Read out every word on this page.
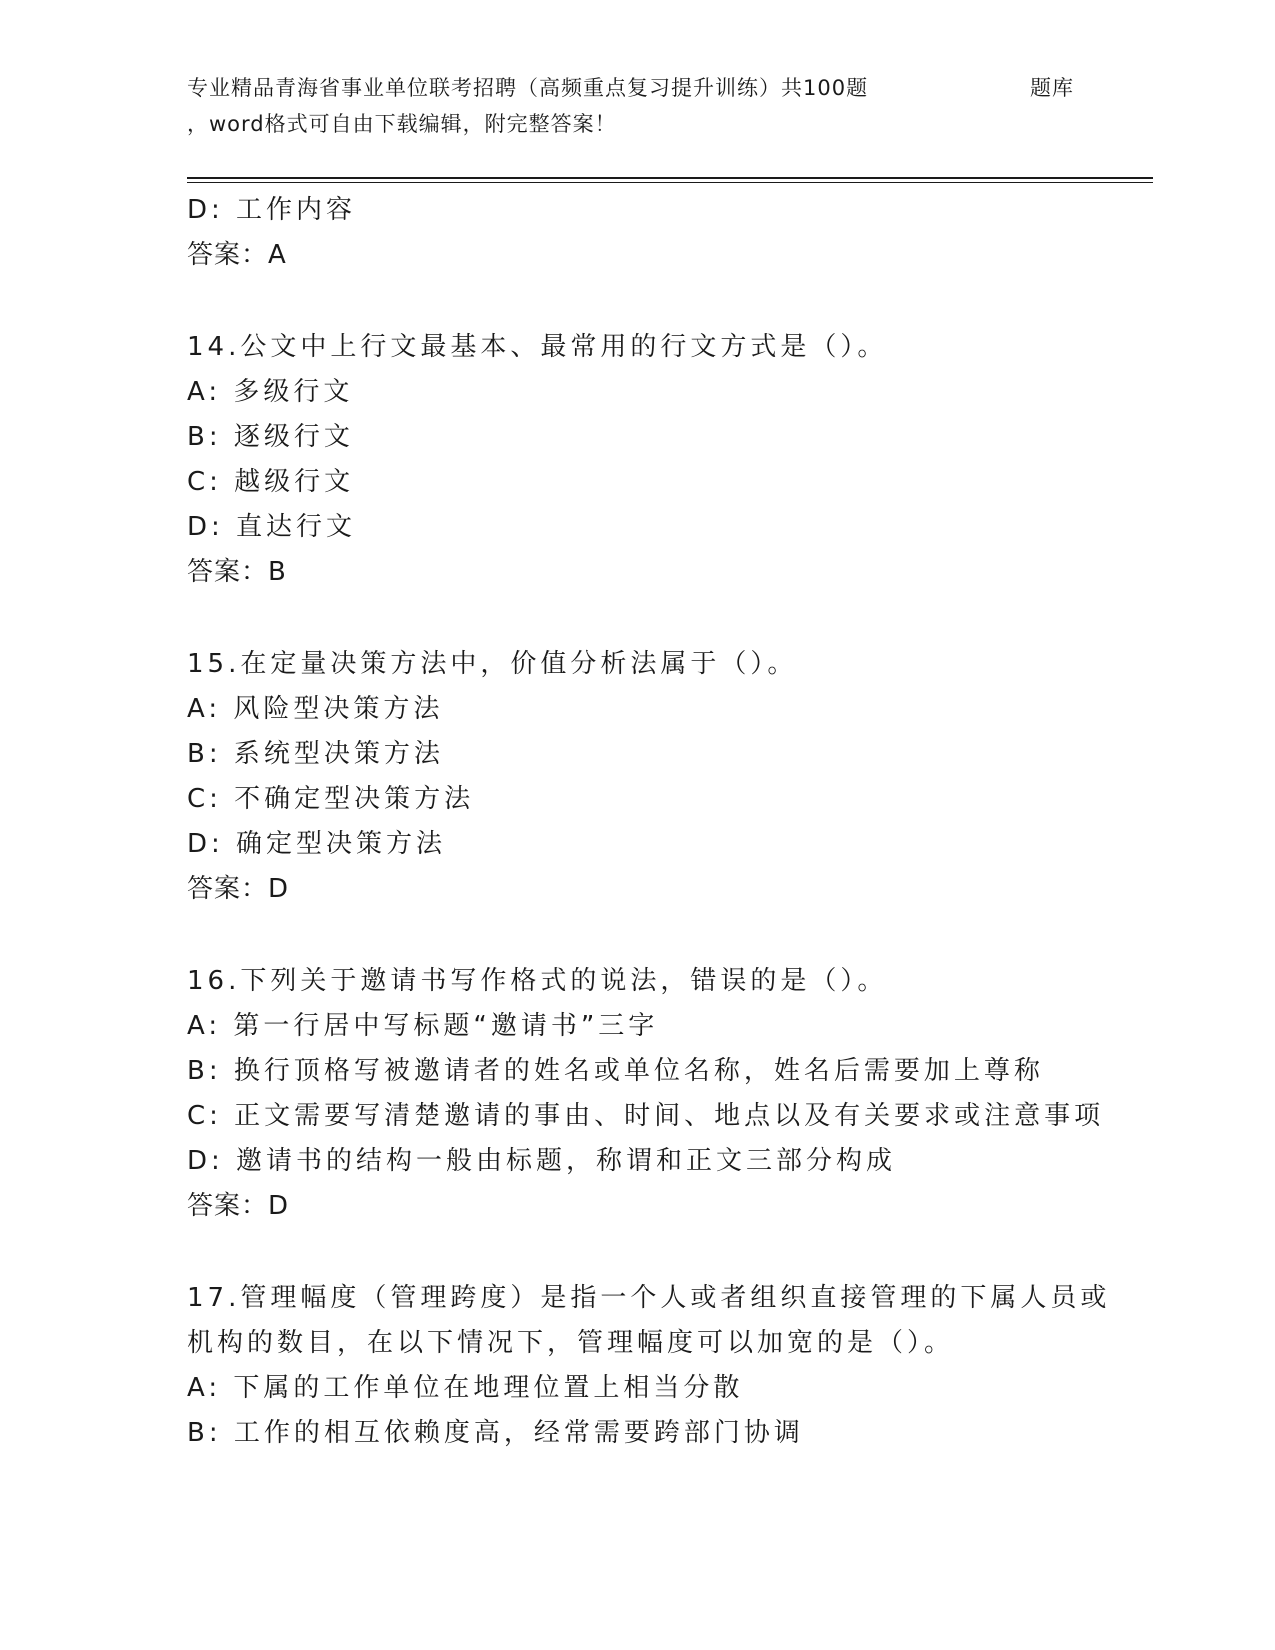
专业精品青海省事业单位联考招聘（高频重点复习提升训练）共100题
，word格式可自由下载编辑，附完整答案！
题库

D: 工作内容

答案：A

14.公文中上行文最基本、最常用的行文方式是（）。

A: 多级行文

B: 逐级行文

C: 越级行文

D: 直达行文

答案：B

15.在定量决策方法中，价值分析法属于（）。

A: 风险型决策方法

B: 系统型决策方法

C: 不确定型决策方法

D: 确定型决策方法

答案：D

16.下列关于邀请书写作格式的说法，错误的是（）。

A: 第一行居中写标题“邀请书”三字

B: 换行顶格写被邀请者的姓名或单位名称，姓名后需要加上尊称

C: 正文需要写清楚邀请的事由、时间、地点以及有关要求或注意事项

D: 邀请书的结构一般由标题，称谓和正文三部分构成

答案：D

17.管理幅度（管理跨度）是指一个人或者组织直接管理的下属人员或

机构的数目，在以下情况下，管理幅度可以加宽的是（）。

A: 下属的工作单位在地理位置上相当分散

B: 工作的相互依赖度高，经常需要跨部门协调
